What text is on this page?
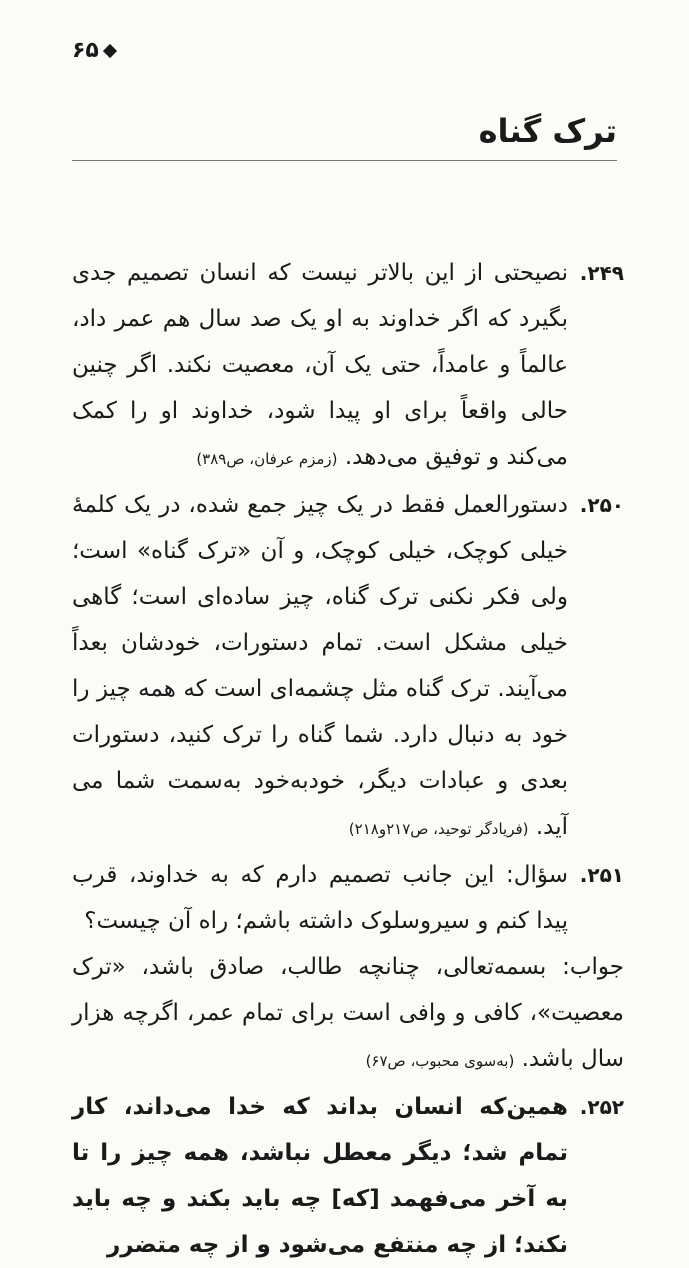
۶۵
ترک گناه

۲۴۹.
نصیحتی از این بالاتر نیست که انسان تصمیم جدی بگیرد که اگر خداوند به او یک صد سال هم عمر داد، عالماً و عامداً، حتی یک آن، معصیت نکند. اگر چنین حالی واقعاً برای او پیدا شود، خداوند او را کمک می‌کند و توفیق می‌دهد. (زمزم عرفان، ص۳۸۹)

۲۵۰.
دستورالعمل فقط در یک چیز جمع شده، در یک کلمهٔ خیلی کوچک، خیلی کوچک، و آن «ترک گناه» است؛ ولی فکر نکنی ترک گناه، چیز ساده‌ای است؛ گاهی خیلی مشکل است. تمام دستورات، خودشان بعداً می‌آیند. ترک گناه مثل چشمه‌ای است که همه چیز را خود به دنبال دارد. شما گناه را ترک کنید، دستورات بعدی و عبادات دیگر، خودبه‌خود به‌سمت شما می آید. (فریادگر توحید، ص۲۱۷و۲۱۸)

۲۵۱.
سؤال: این جانب تصمیم دارم که به خداوند، قرب پیدا کنم و سیروسلوک داشته باشم؛ راه آن چیست؟

جواب: بسمه‌تعالی، چنانچه طالب، صادق باشد، «ترک معصیت»، کافی و وافی است برای تمام عمر، اگرچه هزار سال باشد. (به‌سوی محبوب، ص۶۷)

۲۵۲.
همین‌که انسان بداند که خدا می‌داند، کار تمام شد؛ دیگر معطل نباشد، همه چیز را تا به آخر می‌فهمد [که] چه باید بکند و چه باید نکند؛ از چه منتفع می‌شود و از چه متضرر
